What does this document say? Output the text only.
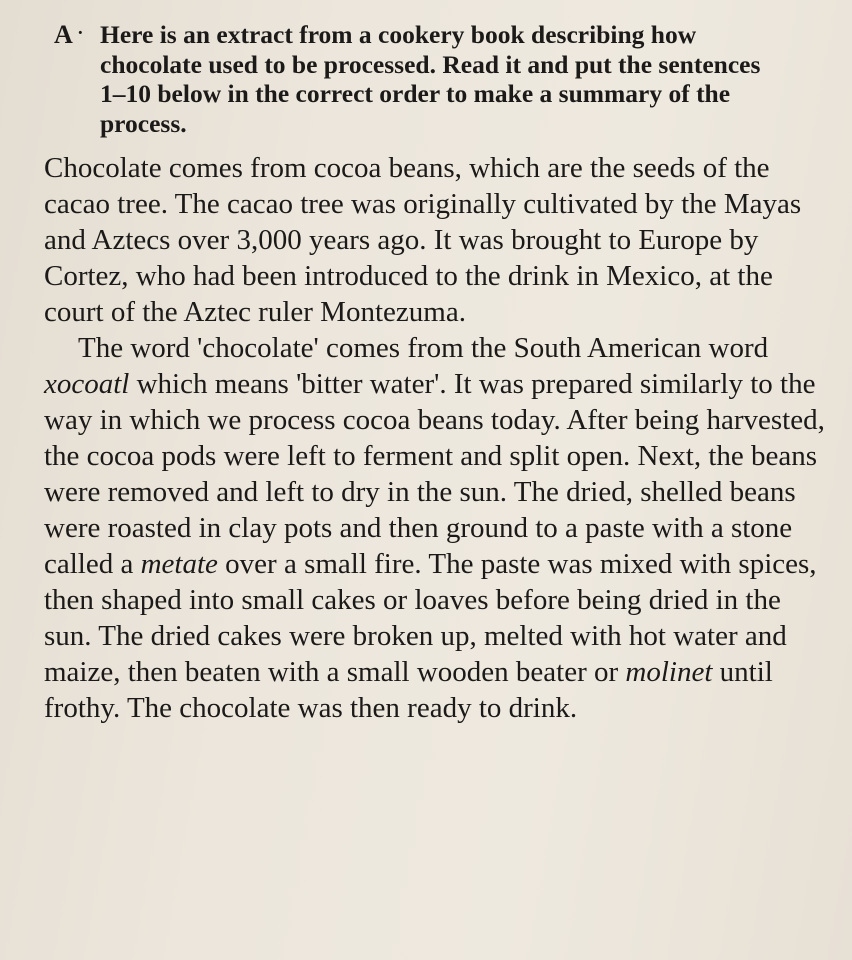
A · Here is an extract from a cookery book describing how chocolate used to be processed. Read it and put the sentences 1–10 below in the correct order to make a summary of the process.

Chocolate comes from cocoa beans, which are the seeds of the cacao tree. The cacao tree was originally cultivated by the Mayas and Aztecs over 3,000 years ago. It was brought to Europe by Cortez, who had been introduced to the drink in Mexico, at the court of the Aztec ruler Montezuma.

The word 'chocolate' comes from the South American word xocoatl which means 'bitter water'. It was prepared similarly to the way in which we process cocoa beans today. After being harvested, the cocoa pods were left to ferment and split open. Next, the beans were removed and left to dry in the sun. The dried, shelled beans were roasted in clay pots and then ground to a paste with a stone called a metate over a small fire. The paste was mixed with spices, then shaped into small cakes or loaves before being dried in the sun. The dried cakes were broken up, melted with hot water and maize, then beaten with a small wooden beater or molinet until frothy. The chocolate was then ready to drink.
